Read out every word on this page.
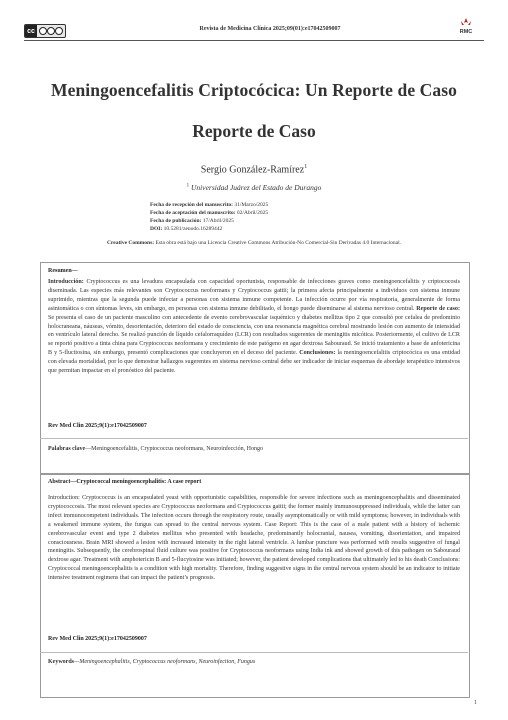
cc	Revista de Medicina Clínica 2025;09(01):e17042509007	RMC
Meningoencefalitis Criptocócica: Un Reporte de Caso
Reporte de Caso
Sergio González-Ramírez$^1$
$^1$ Universidad Juárez del Estado de Durango
Fecha de recepción del manuscrito: 31/Marzo/2025
Fecha de aceptación del manuscrito: 02/Abril/2025
Fecha de publicación: 17/Abril/2025
DOI: 10.5281/zenodo.16289442
Creative Commons: Esta obra está bajo una Licencia Creative Commons Atribución-No Comercial-Sin Derivadas 4.0 Internacional.
Resumen—
Introducción: Cryptococcus es una levadura encapsulada con capacidad oportunista, responsable de infecciones graves como meningoencefalitis y criptococosis diseminada. Las especies más relevantes son Cryptococcus neoformans y Cryptococcus gattii; la primera afecta principalmente a individuos con sistema inmune suprimido, mientras que la segunda puede infectar a personas con sistema inmune competente. La infección ocurre por vía respiratoria, generalmente de forma asintomática o con síntomas leves, sin embargo, en personas con sistema inmune debilitado, el hongo puede diseminarse al sistema nervioso central. Reporte de caso: Se presenta el caso de un paciente masculino con antecedente de evento cerebrovascular isquémico y diabetes mellitus tipo 2 que consultó por cefalea de predominio holocraneana, náuseas, vómito, desorientación, deterioro del estado de consciencia, con una resonancia magnética cerebral mostrando lesión con aumento de intensidad en ventrículo lateral derecho. Se realizó punción de líquido cefalorraquídeo (LCR) con resultados sugerentes de meningitis micótica. Posteriormente, el cultivo de LCR se reportó positivo a tinta china para Cryptococcus neoformans y crecimiento de este patógeno en agar dextrosa Sabouraud. Se inició tratamiento a base de anfotericina B y 5-flucitosina, sin embargo, presentó complicaciones que concluyeron en el deceso del paciente. Conclusiones: la meningoencefalitis criptocócica es una entidad con elevada mortalidad, por lo que demostrar hallazgos sugerentes en sistema nervioso central debe ser indicador de iniciar esquemas de abordaje terapéutico intensivos que permitan impactar en el pronóstico del paciente.
Rev Med Clin 2025;9(1):e17042509007
Palabras clave—Meningoencefalitis, Cryptococcus neoformans, Neuroinfección, Hongo
Abstract—Cryptococcal meningoencephalitis: A case report
Introduction: Cryptococcus is an encapsulated yeast with opportunistic capabilities, responsible for severe infections such as meningoencephalitis and disseminated cryptococcosis. The most relevant species are Cryptococcus neoformans and Cryptococcus gattii; the former mainly immunosuppressed individuals, while the latter can infect immunocompetent individuals. The infection occurs through the respiratory route, usually asymptomatically or with mild symptoms; however, in individuals with a weakened immune system, the fungus can spread to the central nervous system. Case Report: This is the case of a male patient with a history of ischemic cerebrovascular event and type 2 diabetes mellitus who presented with headache, predominantly holocranial, nausea, vomiting, disorientation, and impaired consciousness. Brain MRI showed a lesion with increased intensity in the right lateral ventricle. A lumbar puncture was performed with results suggestive of fungal meningitis. Subsequently, the cerebrospinal fluid culture was positive for Cryptococcus neoformans using India ink and showed growth of this pathogen on Sabouraud dextrose agar. Treatment with amphotericin B and 5-flucytosine was initiated; however, the patient developed complications that ultimately led to his death Conclusions: Cryptococcal meningoencephalitis is a condition with high mortality. Therefore, finding suggestive signs in the central nervous system should be an indicator to initiate intensive treatment regimens that can impact the patient’s prognosis.
Rev Med Clin 2025;9(1):e17042509007
Keywords—Meningoencephalitis, Cryptococcus neoformans, Neuroinfection, Fungus
1
